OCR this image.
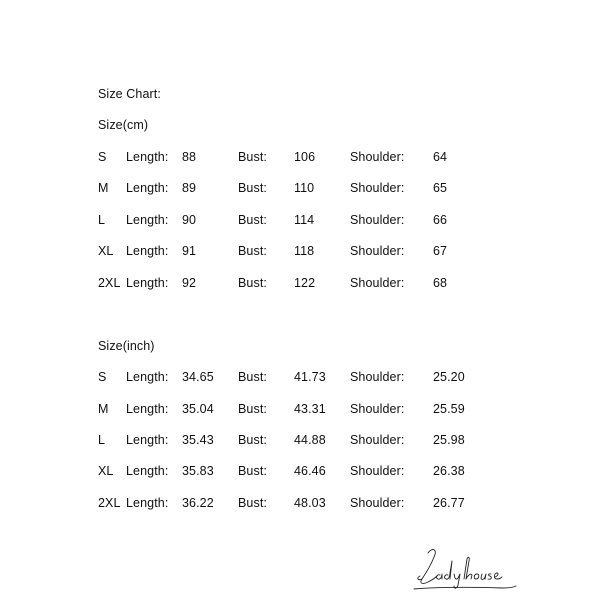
Size Chart:
Size(cm)
S Length: 88	Bust: 106	Shoulder: 64
M Length: 89	Bust: 110	Shoulder: 65
L Length: 90	Bust: 114	Shoulder: 66
XL Length: 91	Bust: 118	Shoulder: 67
2XL Length: 92	Bust: 122	Shoulder: 68
Size(inch)
S Length: 34.65 Bust: 41.73 Shoulder: 25.20
M Length: 35.04 Bust: 43.31 Shoulder: 25.59
L Length: 35.43 Bust: 44.88 Shoulder: 25.98
XL Length: 35.83 Bust: 46.46 Shoulder: 26.38
2XL Length: 36.22 Bust: 48.03 Shoulder: 26.77
